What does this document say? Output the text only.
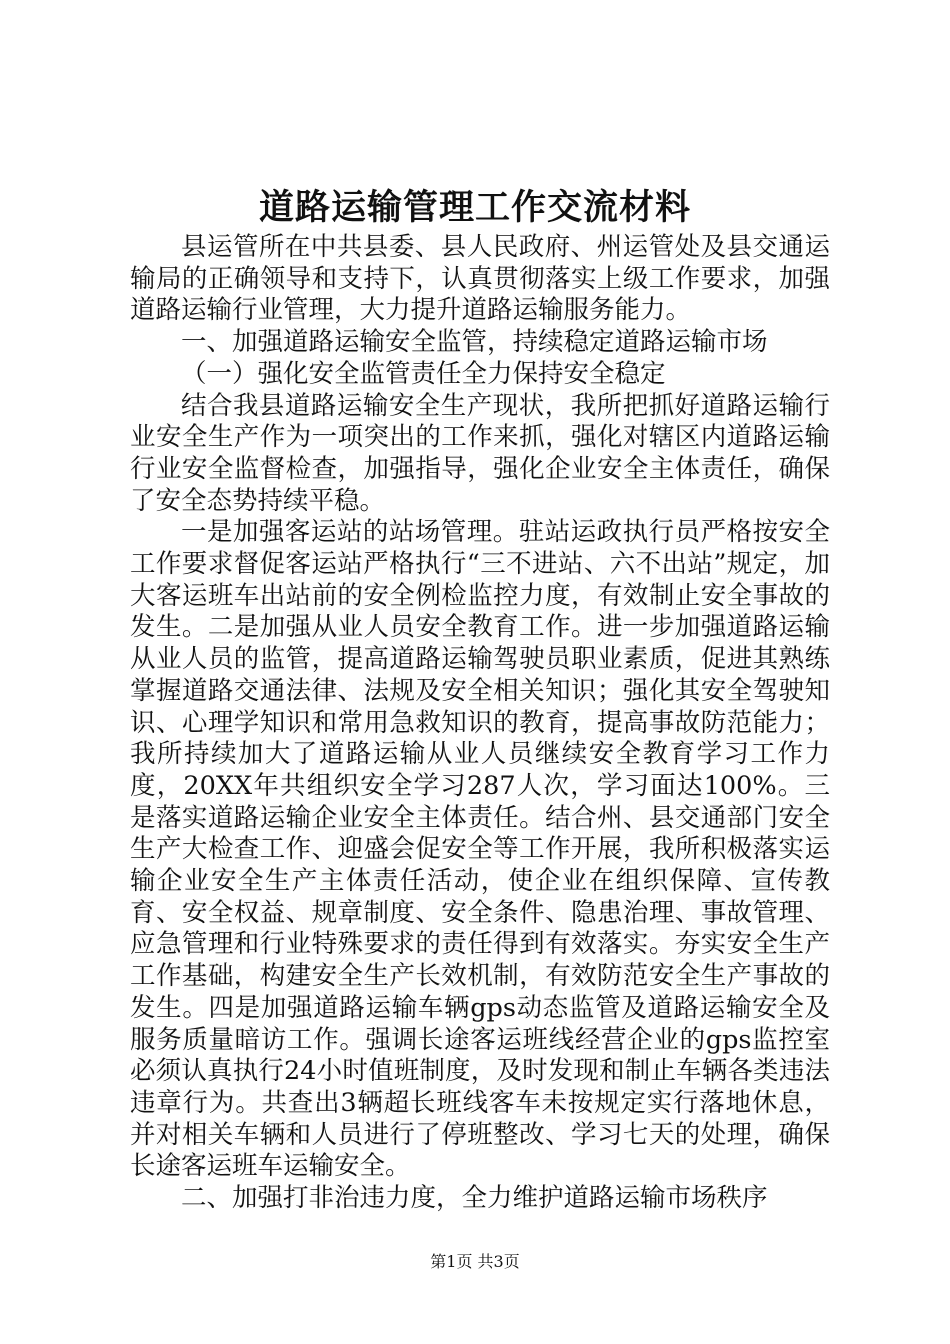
道路运输管理工作交流材料

县运管所在中共县委、县人民政府、州运管处及县交通运输局的正确领导和支持下，认真贯彻落实上级工作要求，加强道路运输行业管理，大力提升道路运输服务能力。

一、加强道路运输安全监管，持续稳定道路运输市场

（一）强化安全监管责任全力保持安全稳定

结合我县道路运输安全生产现状，我所把抓好道路运输行业安全生产作为一项突出的工作来抓，强化对辖区内道路运输行业安全监督检查，加强指导，强化企业安全主体责任，确保了安全态势持续平稳。

一是加强客运站的站场管理。驻站运政执行员严格按安全工作要求督促客运站严格执行“三不进站、六不出站”规定，加大客运班车出站前的安全例检监控力度，有效制止安全事故的发生。二是加强从业人员安全教育工作。进一步加强道路运输从业人员的监管，提高道路运输驾驶员职业素质，促进其熟练掌握道路交通法律、法规及安全相关知识；强化其安全驾驶知识、心理学知识和常用急救知识的教育，提高事故防范能力；我所持续加大了道路运输从业人员继续安全教育学习工作力度，20XX年共组织安全学习287人次，学习面达100%。三是落实道路运输企业安全主体责任。结合州、县交通部门安全生产大检查工作、迎盛会促安全等工作开展，我所积极落实运输企业安全生产主体责任活动，使企业在组织保障、宣传教育、安全权益、规章制度、安全条件、隐患治理、事故管理、应急管理和行业特殊要求的责任得到有效落实。夯实安全生产工作基础，构建安全生产长效机制，有效防范安全生产事故的发生。四是加强道路运输车辆gps动态监管及道路运输安全及服务质量暗访工作。强调长途客运班线经营企业的gps监控室必须认真执行24小时值班制度，及时发现和制止车辆各类违法违章行为。共查出3辆超长班线客车未按规定实行落地休息，并对相关车辆和人员进行了停班整改、学习七天的处理，确保长途客运班车运输安全。

二、加强打非治违力度，全力维护道路运输市场秩序

第1页 共3页
